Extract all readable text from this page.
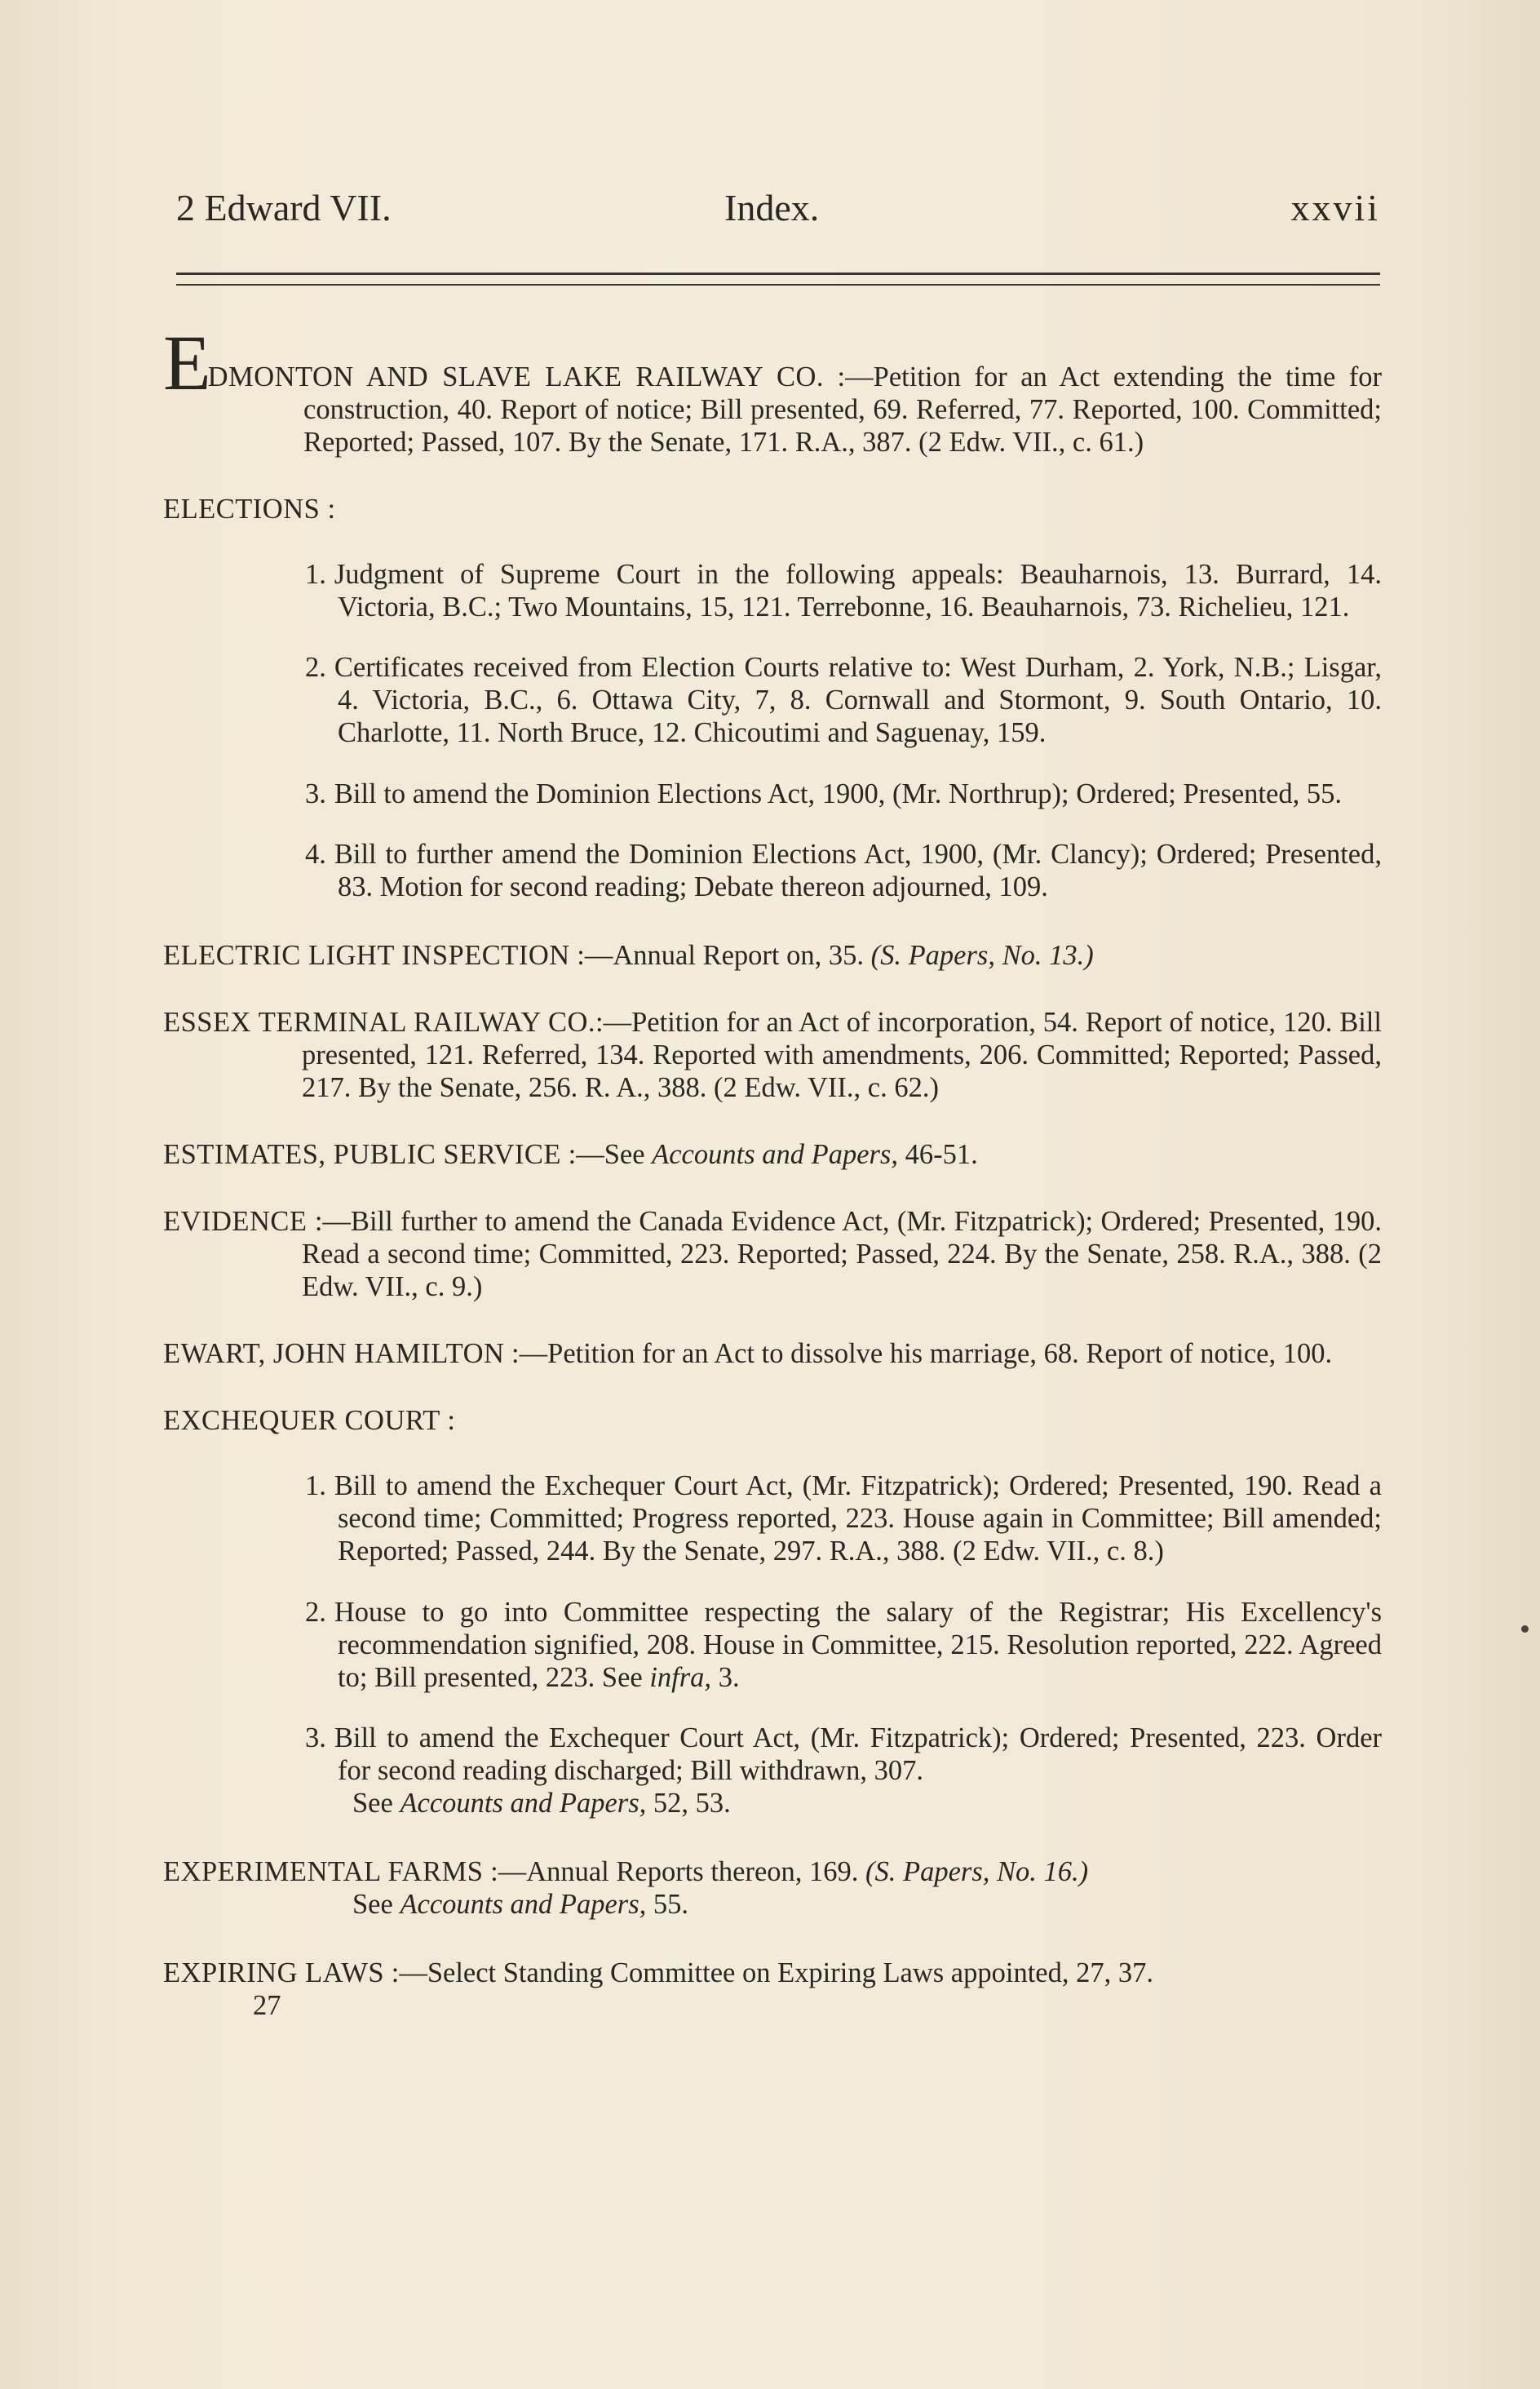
2 Edward VII.	Index.	xxvii

EDMONTON AND SLAVE LAKE RAILWAY CO. :—Petition for an Act extending the time for construction, 40. Report of notice; Bill presented, 69. Referred, 77. Reported, 100. Committed; Reported; Passed, 107. By the Senate, 171. R.A., 387. (2 Edw. VII., c. 61.)

ELECTIONS :

1. Judgment of Supreme Court in the following appeals: Beauharnois, 13. Burrard, 14. Victoria, B.C.; Two Mountains, 15, 121. Terrebonne, 16. Beauharnois, 73. Richelieu, 121.

2. Certificates received from Election Courts relative to: West Durham, 2. York, N.B.; Lisgar, 4. Victoria, B.C., 6. Ottawa City, 7, 8. Cornwall and Stormont, 9. South Ontario, 10. Charlotte, 11. North Bruce, 12. Chicoutimi and Saguenay, 159.

3. Bill to amend the Dominion Elections Act, 1900, (Mr. Northrup); Ordered; Presented, 55.

4. Bill to further amend the Dominion Elections Act, 1900, (Mr. Clancy); Ordered; Presented, 83. Motion for second reading; Debate thereon adjourned, 109.

ELECTRIC LIGHT INSPECTION :—Annual Report on, 35. (S. Papers, No. 13.)

ESSEX TERMINAL RAILWAY CO.:—Petition for an Act of incorporation, 54. Report of notice, 120. Bill presented, 121. Referred, 134. Reported with amendments, 206. Committed; Reported; Passed, 217. By the Senate, 256. R. A., 388. (2 Edw. VII., c. 62.)

ESTIMATES, PUBLIC SERVICE :—See Accounts and Papers, 46-51.

EVIDENCE :—Bill further to amend the Canada Evidence Act, (Mr. Fitzpatrick); Ordered; Presented, 190. Read a second time; Committed, 223. Reported; Passed, 224. By the Senate, 258. R.A., 388. (2 Edw. VII., c. 9.)

EWART, JOHN HAMILTON :—Petition for an Act to dissolve his marriage, 68. Report of notice, 100.

EXCHEQUER COURT :

1. Bill to amend the Exchequer Court Act, (Mr. Fitzpatrick); Ordered; Presented, 190. Read a second time; Committed; Progress reported, 223. House again in Committee; Bill amended; Reported; Passed, 244. By the Senate, 297. R.A., 388. (2 Edw. VII., c. 8.)

2. House to go into Committee respecting the salary of the Registrar; His Excellency's recommendation signified, 208. House in Committee, 215. Resolution reported, 222. Agreed to; Bill presented, 223. See infra, 3.

3. Bill to amend the Exchequer Court Act, (Mr. Fitzpatrick); Ordered; Presented, 223. Order for second reading discharged; Bill withdrawn, 307.

See Accounts and Papers, 52, 53.

EXPERIMENTAL FARMS :—Annual Reports thereon, 169. (S. Papers, No. 16.)

See Accounts and Papers, 55.

EXPIRING LAWS :—Select Standing Committee on Expiring Laws appointed, 27, 37.

27
